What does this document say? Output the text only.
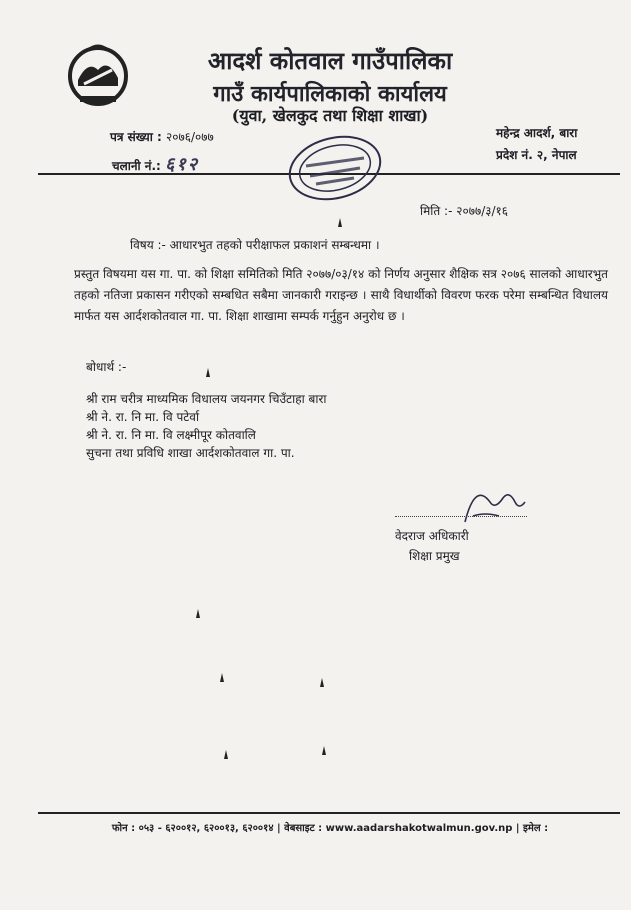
आदर्श कोतवाल गाउँपालिका
गाउँ कार्यपालिकाको कार्यालय
(युवा, खेलकुद तथा शिक्षा शाखा)
पत्र संख्या : २०७६/०७७
चलानी नं.: ६१२
महेन्द्र आदर्श, बारा
प्रदेश नं. २, नेपाल
मिति :- २०७७/३/१६
विषय :- आधारभुत तहको परीक्षाफल प्रकाशनं सम्बन्धमा ।
प्रस्तुत विषयमा यस गा. पा. को शिक्षा समितिको मिति २०७७/०३/१४ को निर्णय अनुसार शैक्षिक सत्र २०७६ सालको आधारभुत तहको नतिजा प्रकासन गरीएको सम्बधित सबैमा जानकारी गराइन्छ । साथै विधार्थीको विवरण फरक परेमा सम्बन्धित विधालय मार्फत यस आर्दशकोतवाल गा. पा. शिक्षा शाखामा सम्पर्क गर्नुहुन अनुरोध छ ।
बोधार्थ :-
श्री राम चरीत्र माध्यमिक विधालय जयनगर चिउँटाहा बारा
श्री ने. रा. नि मा. वि पटेर्वा
श्री ने. रा. नि मा. वि लक्ष्मीपूर कोतवालि
सुचना तथा प्रविधि शाखा आर्दशकोतवाल गा. पा.
वेदराज अधिकारी
शिक्षा प्रमुख
फोन : ०५३ - ६२००१२, ६२००१३, ६२००१४ | वेबसाइट : www.aadarshakotwalmun.gov.np | इमेल :
